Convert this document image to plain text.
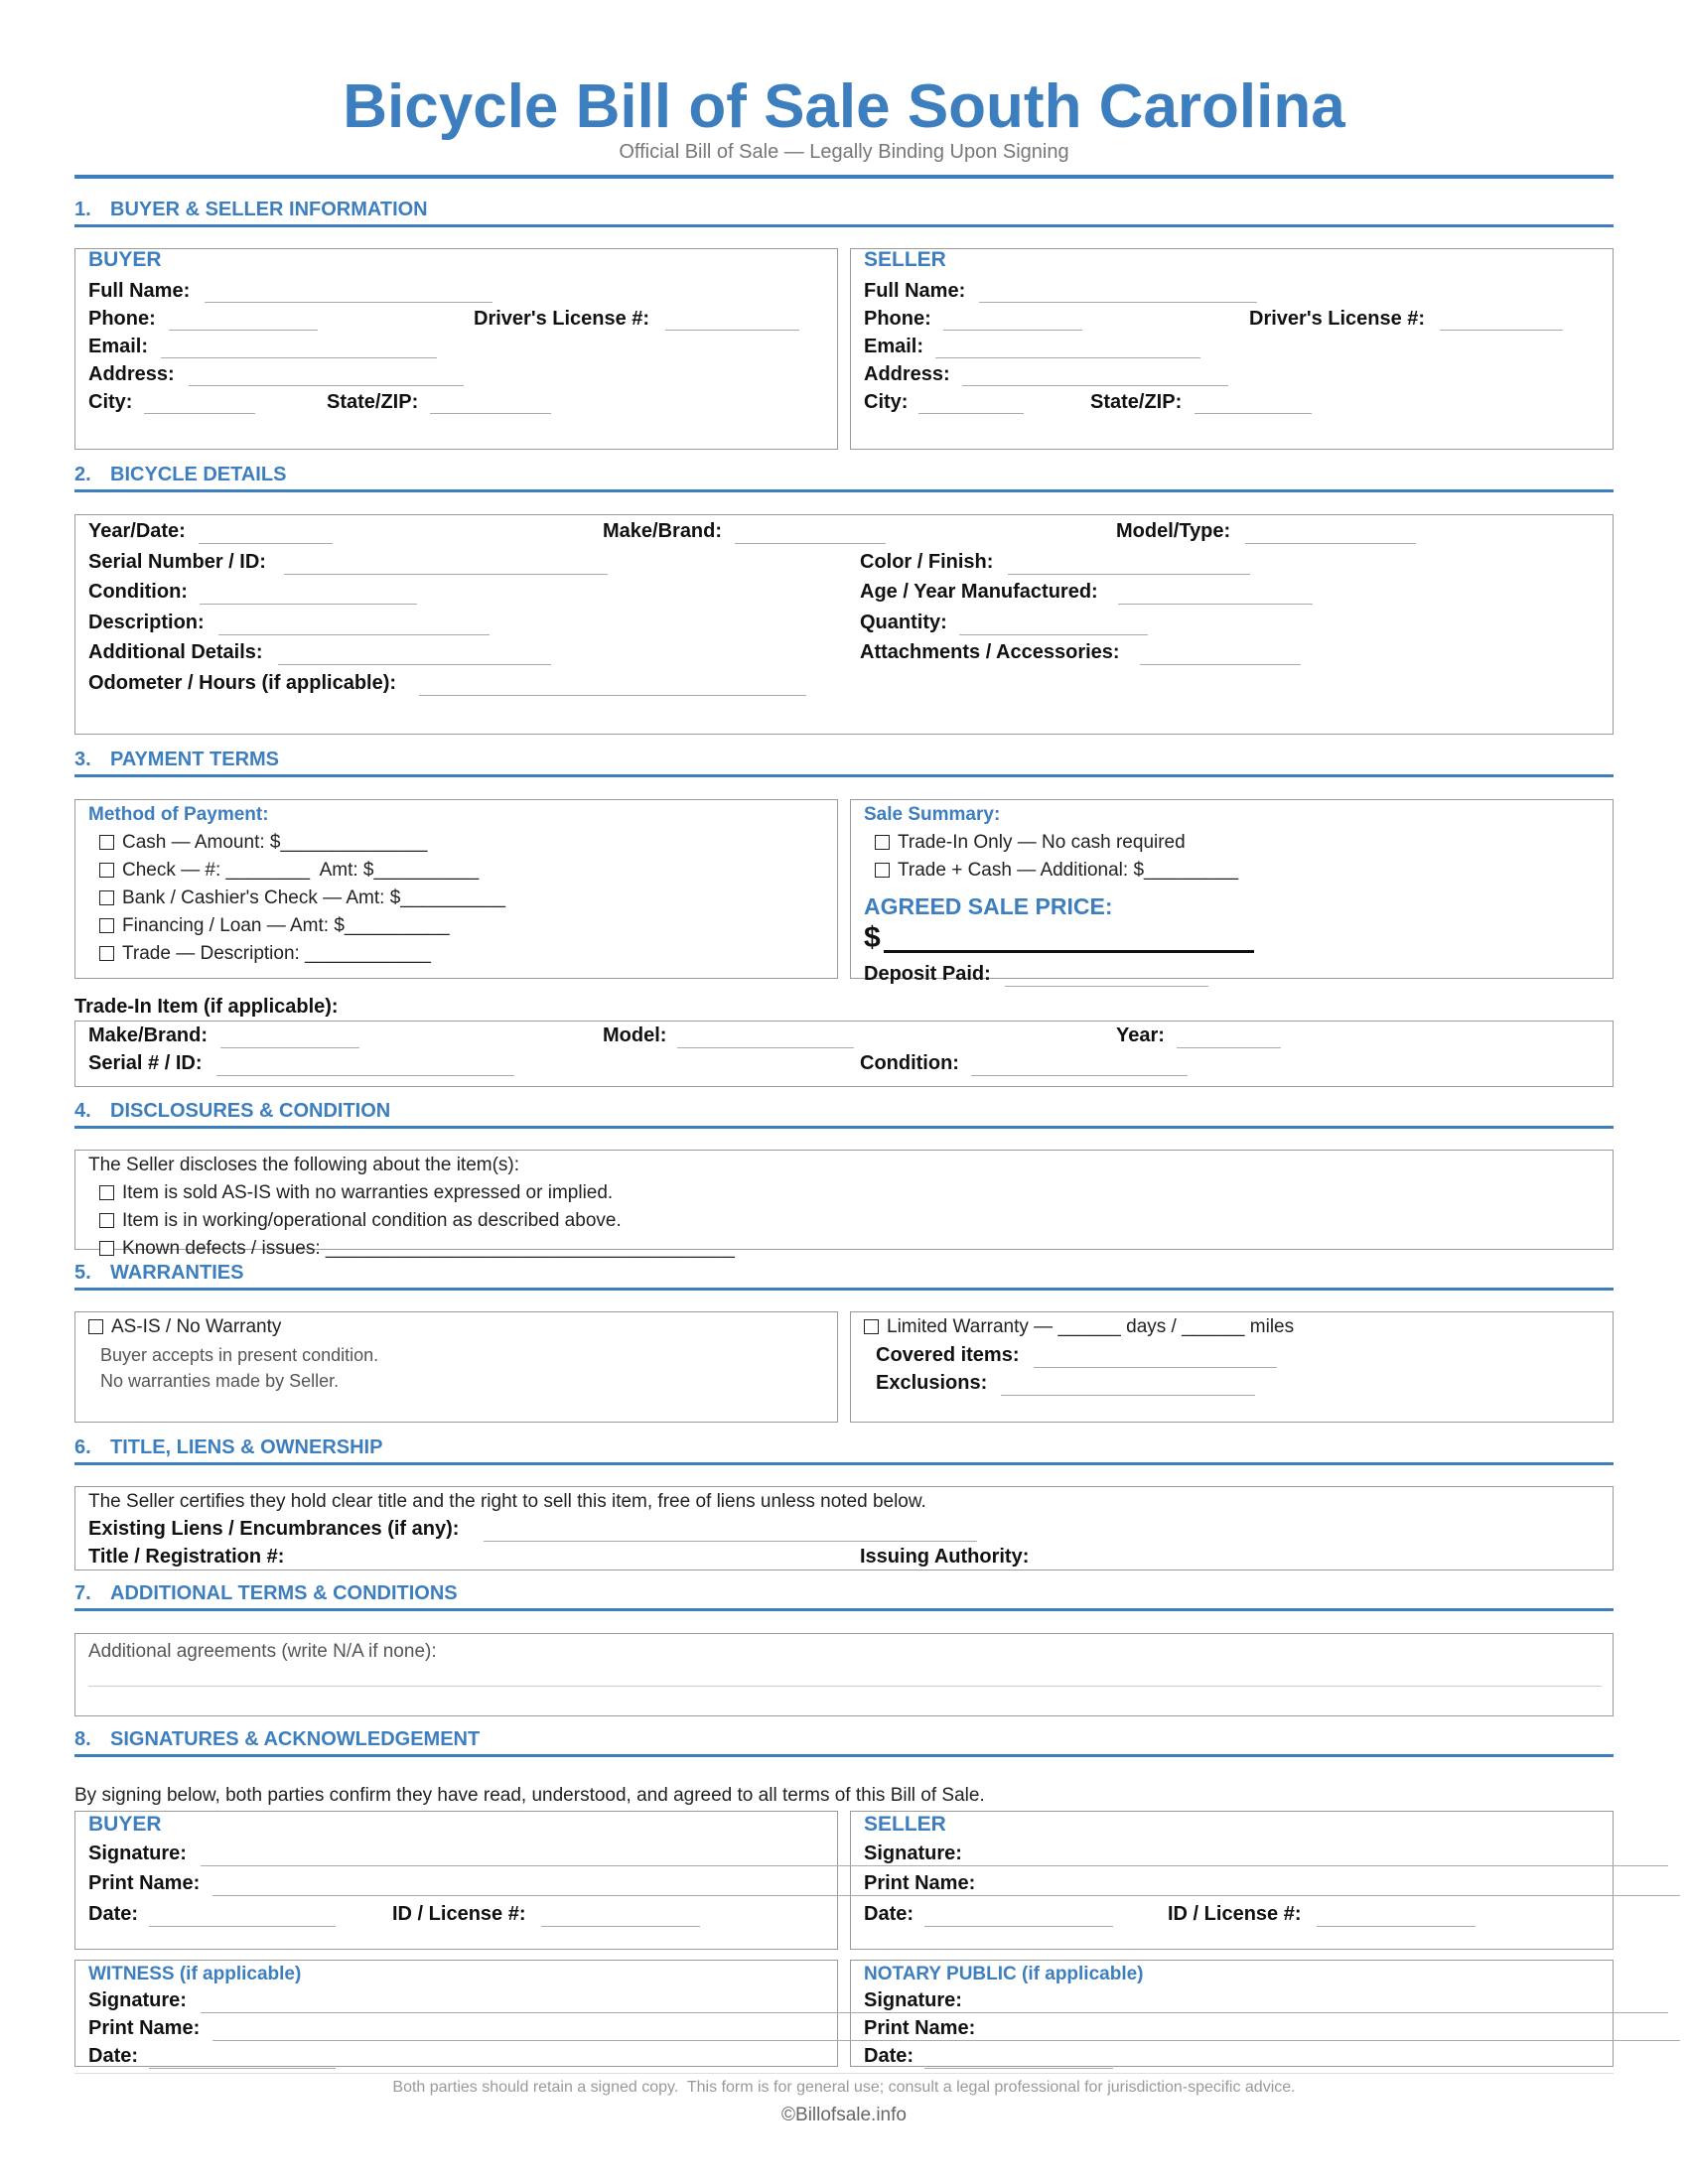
Bicycle Bill of Sale South Carolina
Official Bill of Sale — Legally Binding Upon Signing
1. BUYER & SELLER INFORMATION
BUYER
Full Name:
Phone:	Driver's License #:
Email:
Address:
City:	State/ZIP:
SELLER
Full Name:
Phone:	Driver's License #:
Email:
Address:
City:	State/ZIP:
2. BICYCLE DETAILS
Year/Date:	Make/Brand:	Model/Type:
Serial Number / ID:	Color / Finish:
Condition:	Age / Year Manufactured:
Description:	Quantity:
Additional Details:	Attachments / Accessories:
Odometer / Hours (if applicable):
3. PAYMENT TERMS
Method of Payment:
Cash — Amount: $______________
Check — #: ________  Amt: $__________
Bank / Cashier's Check — Amt: $__________
Financing / Loan — Amt: $__________
Trade — Description: ____________
Sale Summary:
Trade-In Only — No cash required
Trade + Cash — Additional: $_________
AGREED SALE PRICE:
$
Deposit Paid:
Trade-In Item (if applicable):
Make/Brand:	Model:	Year:
Serial # / ID:	Condition:
4. DISCLOSURES & CONDITION
The Seller discloses the following about the item(s):
Item is sold AS-IS with no warranties expressed or implied.
Item is in working/operational condition as described above.
Known defects / issues: _______________________________________
5. WARRANTIES
AS-IS / No Warranty
Buyer accepts in present condition.
No warranties made by Seller.
Limited Warranty — ______ days / ______ miles
Covered items:
Exclusions:
6. TITLE, LIENS & OWNERSHIP
The Seller certifies they hold clear title and the right to sell this item, free of liens unless noted below.
Existing Liens / Encumbrances (if any):
Title / Registration #:	Issuing Authority:
7. ADDITIONAL TERMS & CONDITIONS
Additional agreements (write N/A if none):
8. SIGNATURES & ACKNOWLEDGEMENT
By signing below, both parties confirm they have read, understood, and agreed to all terms of this Bill of Sale.
BUYER
Signature:
Print Name:
Date:	ID / License #:
SELLER
Signature:
Print Name:
Date:	ID / License #:
WITNESS (if applicable)
Signature:
Print Name:
Date:
NOTARY PUBLIC (if applicable)
Signature:
Print Name:
Date:
Both parties should retain a signed copy.  This form is for general use; consult a legal professional for jurisdiction-specific advice.
©Billofsale.info
